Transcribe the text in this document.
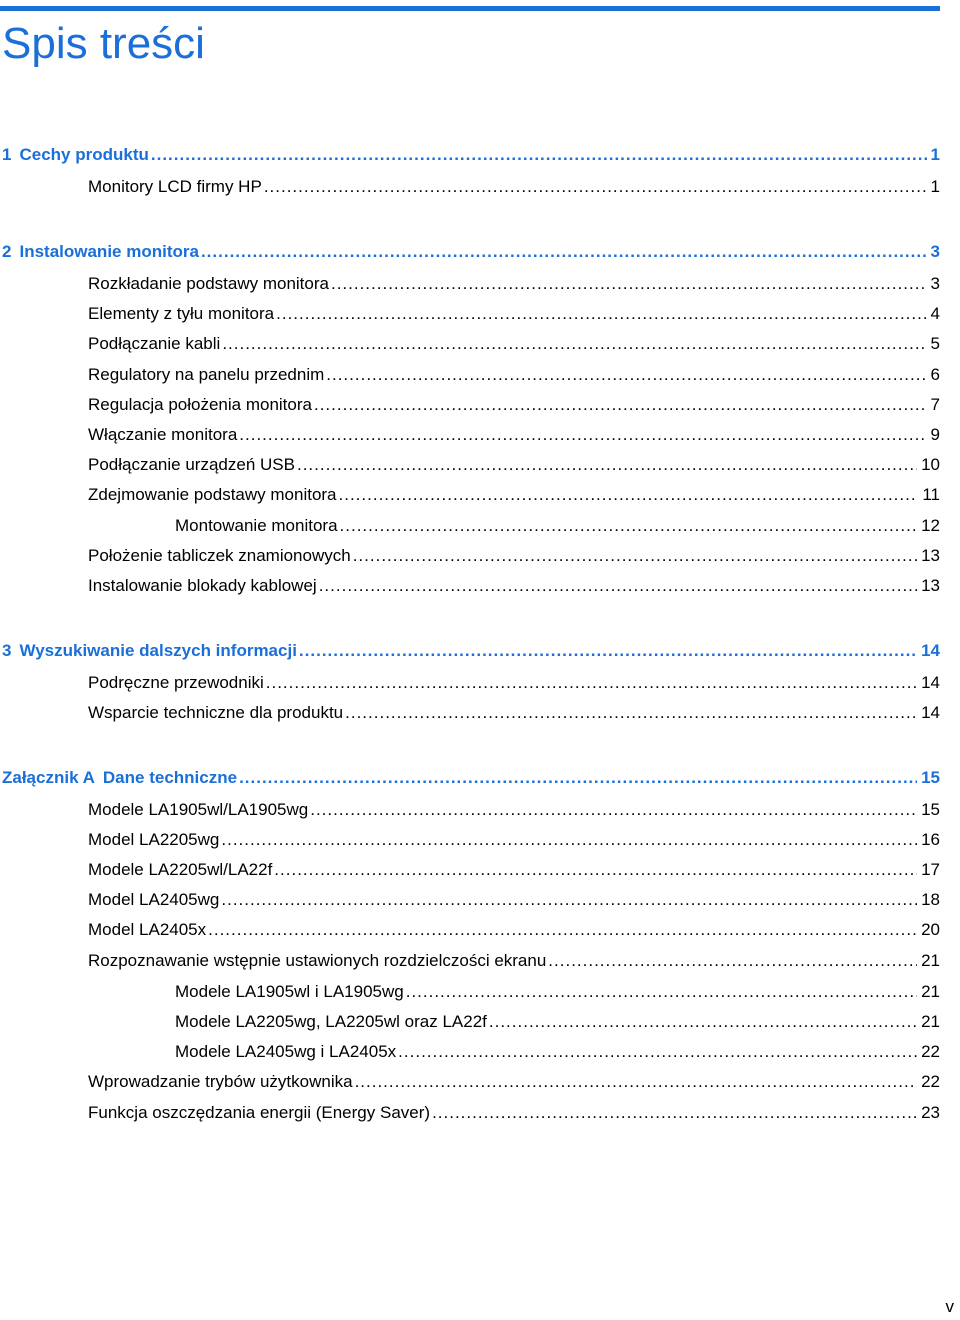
Spis treści
1 Cechy produktu .....	1
Monitory LCD firmy HP .....	1
2 Instalowanie monitora .....	3
Rozkładanie podstawy monitora .....	3
Elementy z tyłu monitora .....	4
Podłączanie kabli .....	5
Regulatory na panelu przednim .....	6
Regulacja położenia monitora .....	7
Włączanie monitora .....	9
Podłączanie urządzeń USB .....	10
Zdejmowanie podstawy monitora .....	11
Montowanie monitora .....	12
Położenie tabliczek znamionowych .....	13
Instalowanie blokady kablowej .....	13
3 Wyszukiwanie dalszych informacji .....	14
Podręczne przewodniki .....	14
Wsparcie techniczne dla produktu .....	14
Załącznik A Dane techniczne .....	15
Modele LA1905wl/LA1905wg .....	15
Model LA2205wg .....	16
Modele LA2205wl/LA22f .....	17
Model LA2405wg .....	18
Model LA2405x .....	20
Rozpoznawanie wstępnie ustawionych rozdzielczości ekranu .....	21
Modele LA1905wl i LA1905wg .....	21
Modele LA2205wg, LA2205wl oraz LA22f .....	21
Modele LA2405wg i LA2405x .....	22
Wprowadzanie trybów użytkownika .....	22
Funkcja oszczędzania energii (Energy Saver) .....	23
v
